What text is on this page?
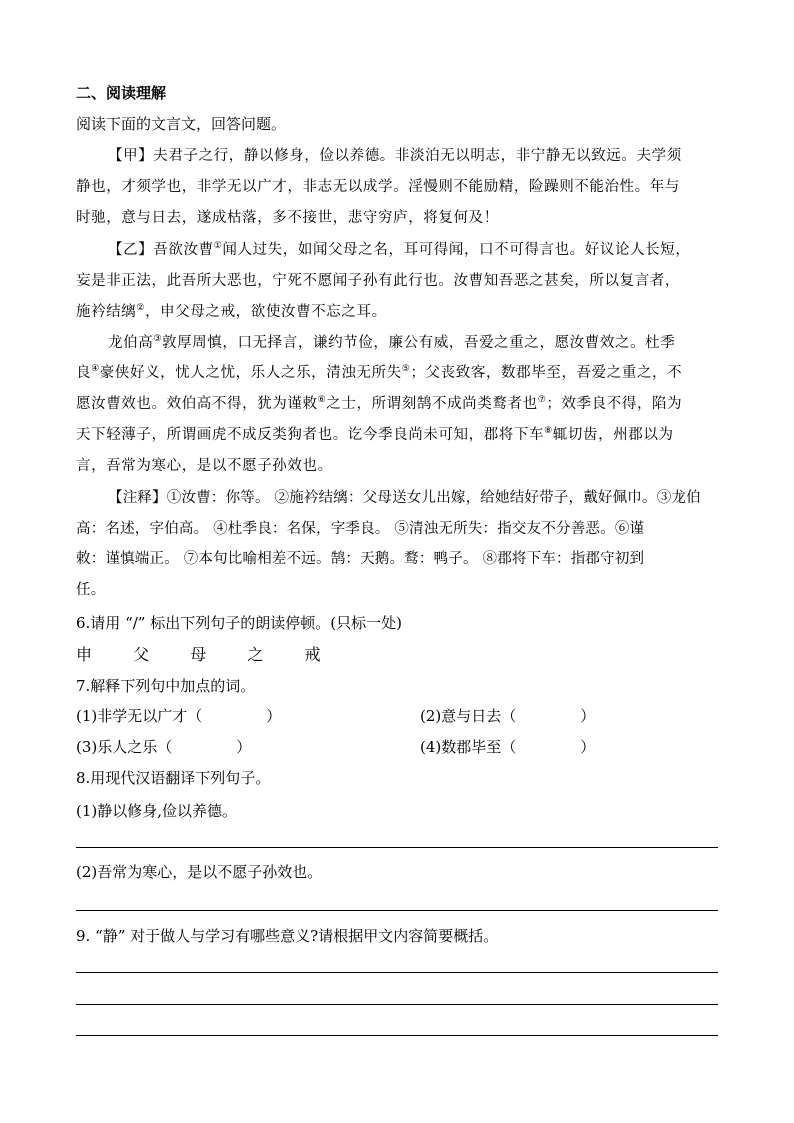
二、阅读理解
阅读下面的文言文，回答问题。
【甲】夫君子之行，静以修身，俭以养德。非淡泊无以明志，非宁静无以致远。夫学须
静也，才须学也，非学无以广才，非志无以成学。淫慢则不能励精，险躁则不能治性。年与
时驰，意与日去，遂成枯落，多不接世，悲守穷庐，将复何及！
【乙】吾欲汝曹①闻人过失，如闻父母之名，耳可得闻，口不可得言也。好议论人长短，
妄是非正法，此吾所大恶也，宁死不愿闻子孙有此行也。汝曹知吾恶之甚矣，所以复言者，
施衿结缡②，申父母之戒，欲使汝曹不忘之耳。
龙伯高③敦厚周慎，口无择言，谦约节俭，廉公有威，吾爱之重之，愿汝曹效之。杜季
良④豪侠好义，忧人之忧，乐人之乐，清浊无所失⑤；父丧致客，数郡毕至，吾爱之重之，不
愿汝曹效也。效伯高不得，犹为谨敕⑥之士，所谓刻鹄不成尚类鹜者也⑦；效季良不得，陷为
天下轻薄子，所谓画虎不成反类狗者也。讫今季良尚未可知，郡将下车⑧辄切齿，州郡以为
言，吾常为寒心，是以不愿子孙效也。
【注释】①汝曹：你等。 ②施衿结缡：父母送女儿出嫁，给她结好带子，戴好佩巾。③龙伯
高：名述，字伯高。 ④杜季良：名保，字季良。 ⑤清浊无所失：指交友不分善恶。⑥谨
敕：谨慎端正。 ⑦本句比喻相差不远。鹄：天鹅。鹜：鸭子。 ⑧郡将下车：指郡守初到
任。
6.请用 “/” 标出下列句子的朗读停顿。(只标一处)
申	父	母	之	戒
7.解释下列句中加点的词。
(1)非学无以广才（	）	(2)意与日去（	）
(3)乐人之乐（	）	(4)数郡毕至（	）
8.用现代汉语翻译下列句子。
(1)静以修身,俭以养德。
(2)吾常为寒心，是以不愿子孙效也。
9. “静” 对于做人与学习有哪些意义?请根据甲文内容简要概括。
